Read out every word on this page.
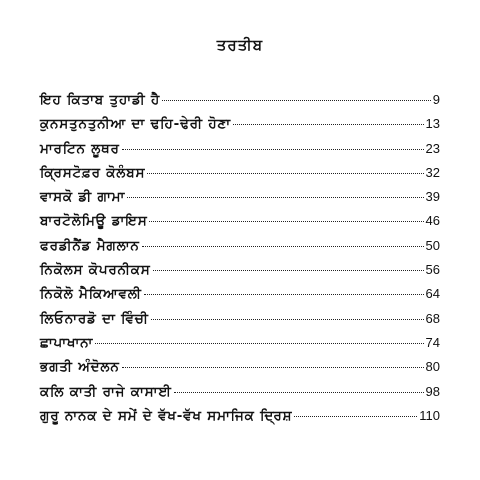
ਤਰਤੀਬ
ਇਹ ਕਿਤਾਬ ਤੁਹਾਡੀ ਹੈ	9
ਕੁਨਸਤੁਨਤੁਨੀਆ ਦਾ ਢਹਿ-ਢੇਰੀ ਹੋਣਾ	13
ਮਾਰਟਿਨ ਲੂਥਰ	23
ਕ੍ਰਿਸਟੋਫ਼ਰ ਕੋਲੰਬਸ	32
ਵਾਸਕੋ ਡੀ ਗਾਮਾ	39
ਬਾਰਟੋਲੋਮਿਊ ਡਾਇਸ	46
ਫਰਡੀਨੈਂਡ ਮੈਗਲਾਨ	50
ਨਿਕੋਲਸ ਕੋਪਰਨੀਕਸ	56
ਨਿਕੋਲੋ ਮੈਕਿਆਵਲੀ	64
ਲਿਓਨਾਰਡੋ ਦਾ ਵਿੰਚੀ	68
ਛਾਪਾਖਾਨਾ	74
ਭਗਤੀ ਅੰਦੋਲਨ	80
ਕਲਿ ਕਾਤੀ ਰਾਜੇ ਕਾਸਾਈ	98
ਗੁਰੂ ਨਾਨਕ ਦੇ ਸਮੇਂ ਦੇ ਵੱਖ-ਵੱਖ ਸਮਾਜਿਕ ਦ੍ਰਿਸ਼	110
